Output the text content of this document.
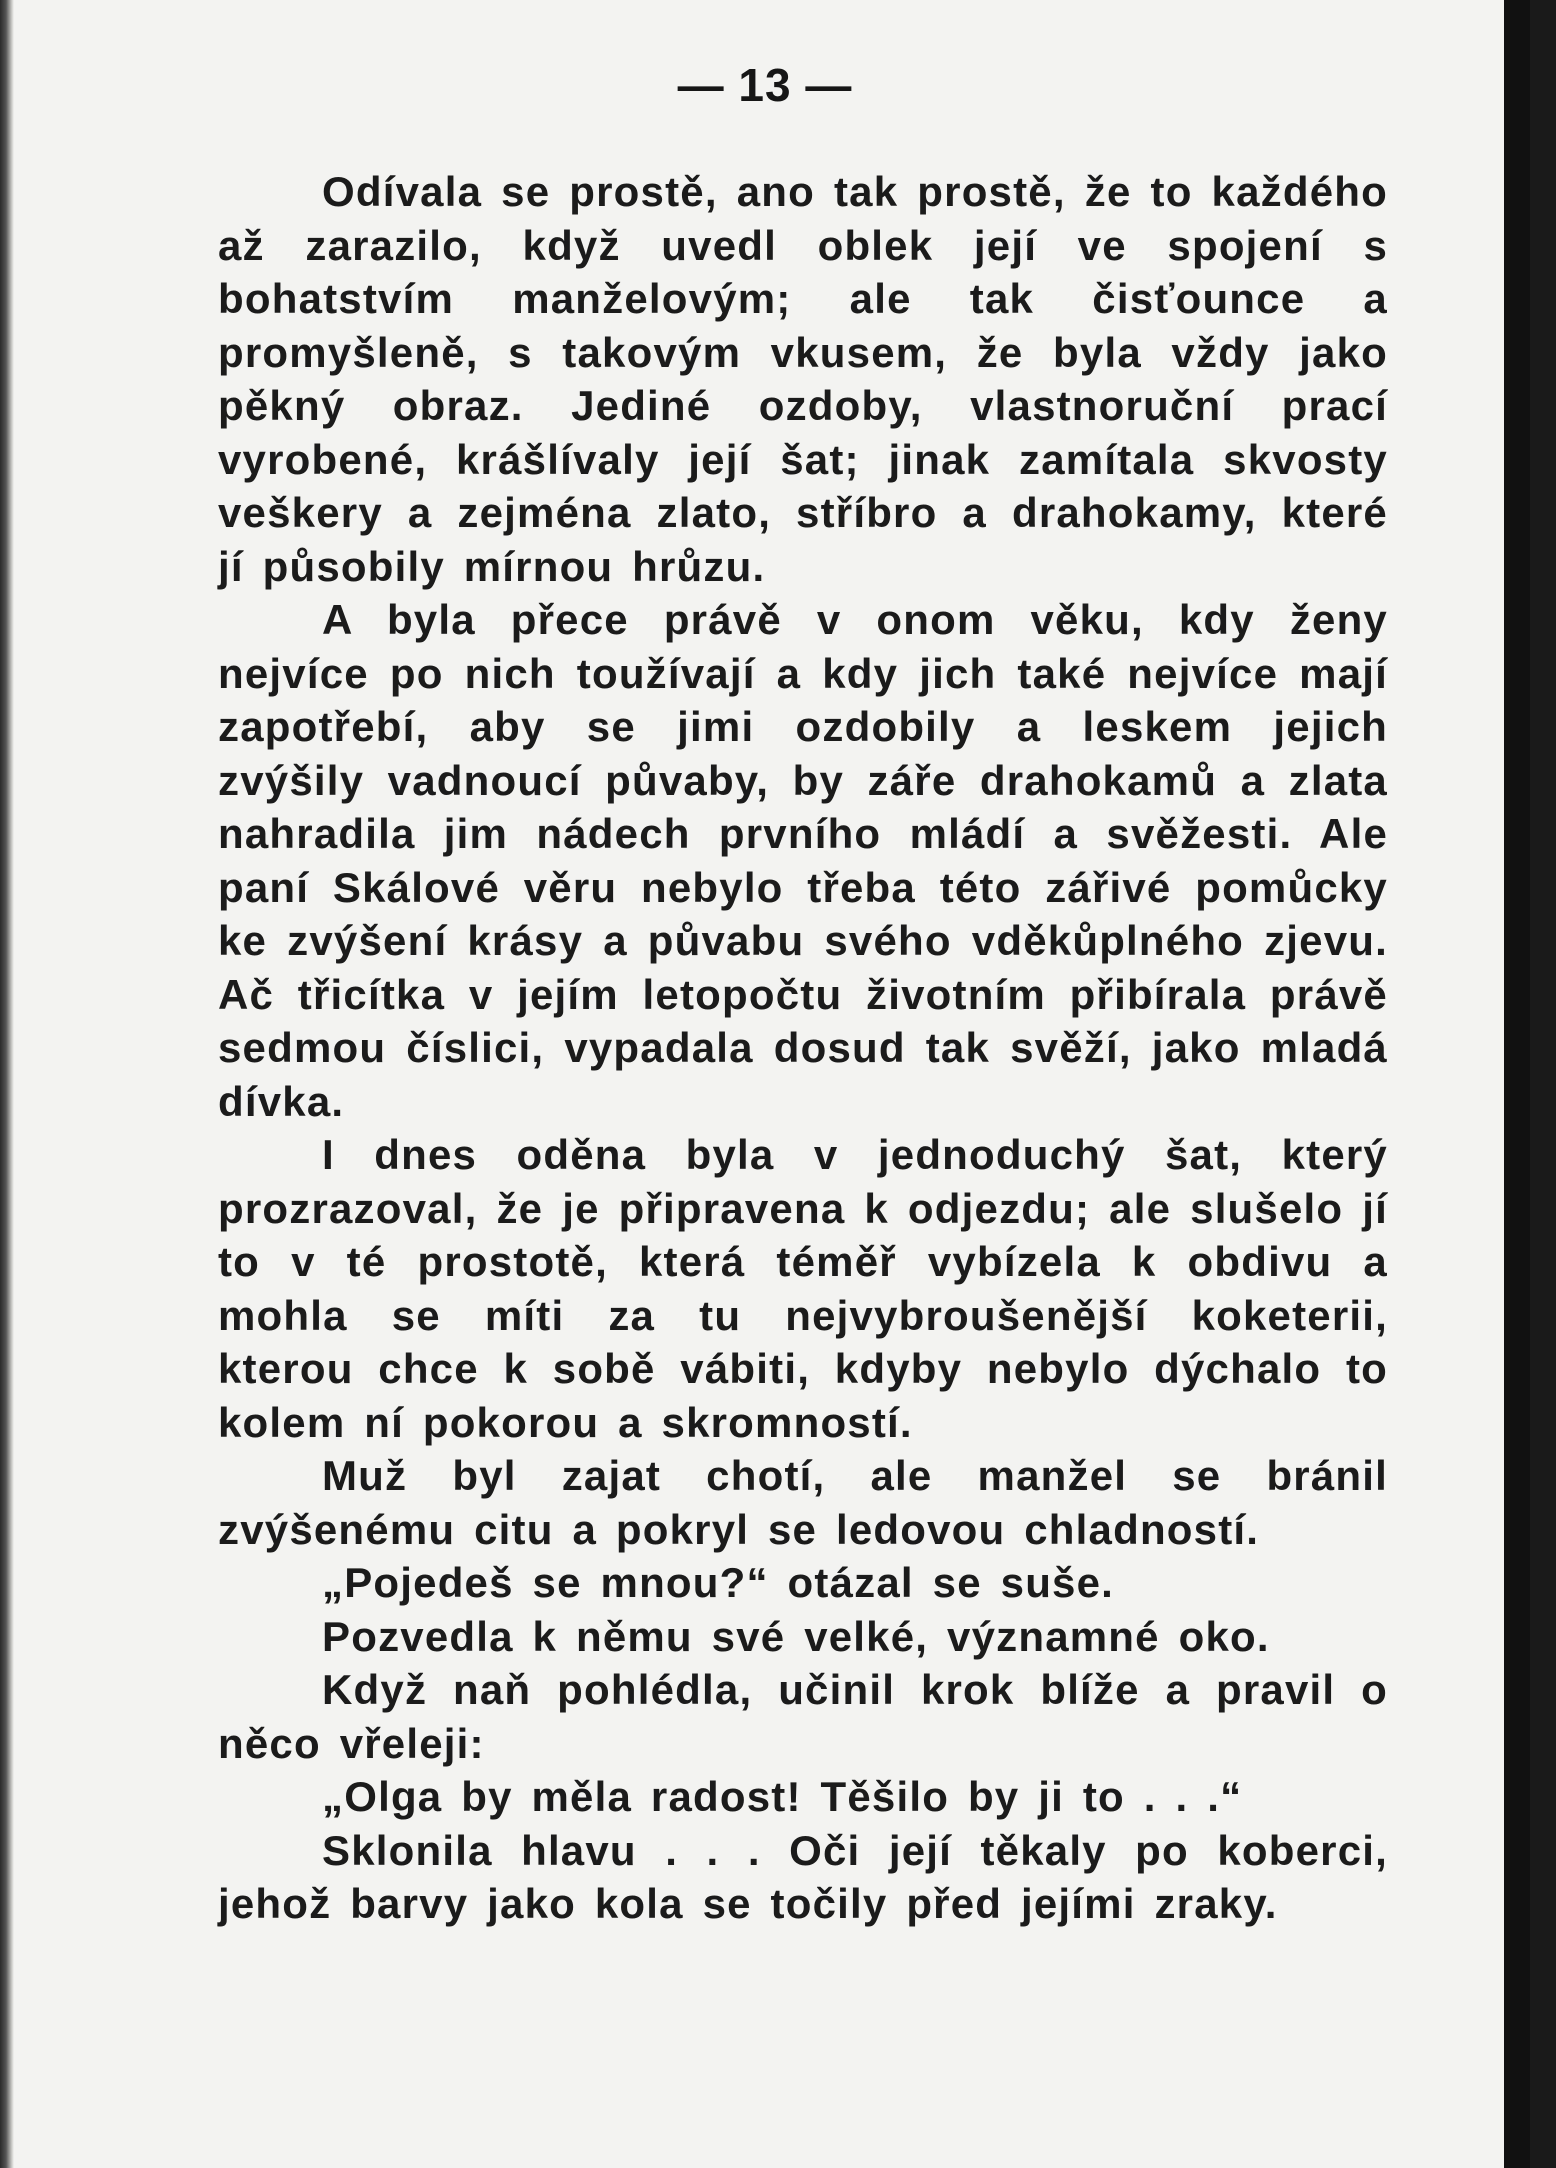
— 13 —

Odívala se prostě, ano tak prostě, že to každého až zarazilo, když uvedl oblek její ve spojení s bohatstvím manželovým; ale tak čisťounce a promyšleně, s takovým vkusem, že byla vždy jako pěkný obraz. Jediné ozdoby, vlastnoruční prací vyrobené, krášlívaly její šat; jinak zamítala skvosty veškery a zejména zlato, stříbro a drahokamy, které jí působily mírnou hrůzu.

A byla přece právě v onom věku, kdy ženy nejvíce po nich toužívají a kdy jich také nejvíce mají zapotřebí, aby se jimi ozdobily a leskem jejich zvýšily vadnoucí půvaby, by záře drahokamů a zlata nahradila jim nádech prvního mládí a svěžesti. Ale paní Skálové věru nebylo třeba této zářivé pomůcky ke zvýšení krásy a půvabu svého vděkůplného zjevu. Ač třicítka v jejím letopočtu životním přibírala právě sedmou číslici, vypadala dosud tak svěží, jako mladá dívka.

I dnes oděna byla v jednoduchý šat, který prozrazoval, že je připravena k odjezdu; ale slušelo jí to v té prostotě, která téměř vybízela k obdivu a mohla se míti za tu nejvybroušenější koketerii, kterou chce k sobě vábiti, kdyby nebylo dýchalo to kolem ní pokorou a skromností.

Muž byl zajat chotí, ale manžel se bránil zvýšenému citu a pokryl se ledovou chladností.

„Pojedeš se mnou?“ otázal se suše.

Pozvedla k němu své velké, významné oko.

Když naň pohlédla, učinil krok blíže a pravil o něco vřeleji:

„Olga by měla radost! Těšilo by ji to . . .“

Sklonila hlavu . . . Oči její těkaly po koberci, jehož barvy jako kola se točily před jejími zraky.
